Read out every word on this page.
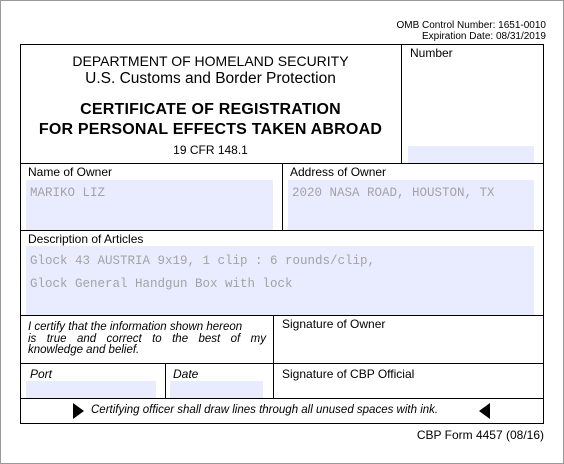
OMB Control Number: 1651-0010
Expiration Date: 08/31/2019
DEPARTMENT OF HOMELAND SECURITY
U.S. Customs and Border Protection
CERTIFICATE OF REGISTRATION
FOR PERSONAL EFFECTS TAKEN ABROAD
19 CFR 148.1
Number
Name of Owner
MARIKO LIZ
Address of Owner
2020 NASA ROAD, HOUSTON, TX
Description of Articles
Glock 43 AUSTRIA 9x19, 1 clip : 6 rounds/clip,
Glock General Handgun Box with lock
I certify that the information shown hereon
is true and correct to the best of my
knowledge and belief.
Signature of Owner
Port	Date	Signature of CBP Official
Certifying officer shall draw lines through all unused spaces with ink.
CBP Form 4457 (08/16)
